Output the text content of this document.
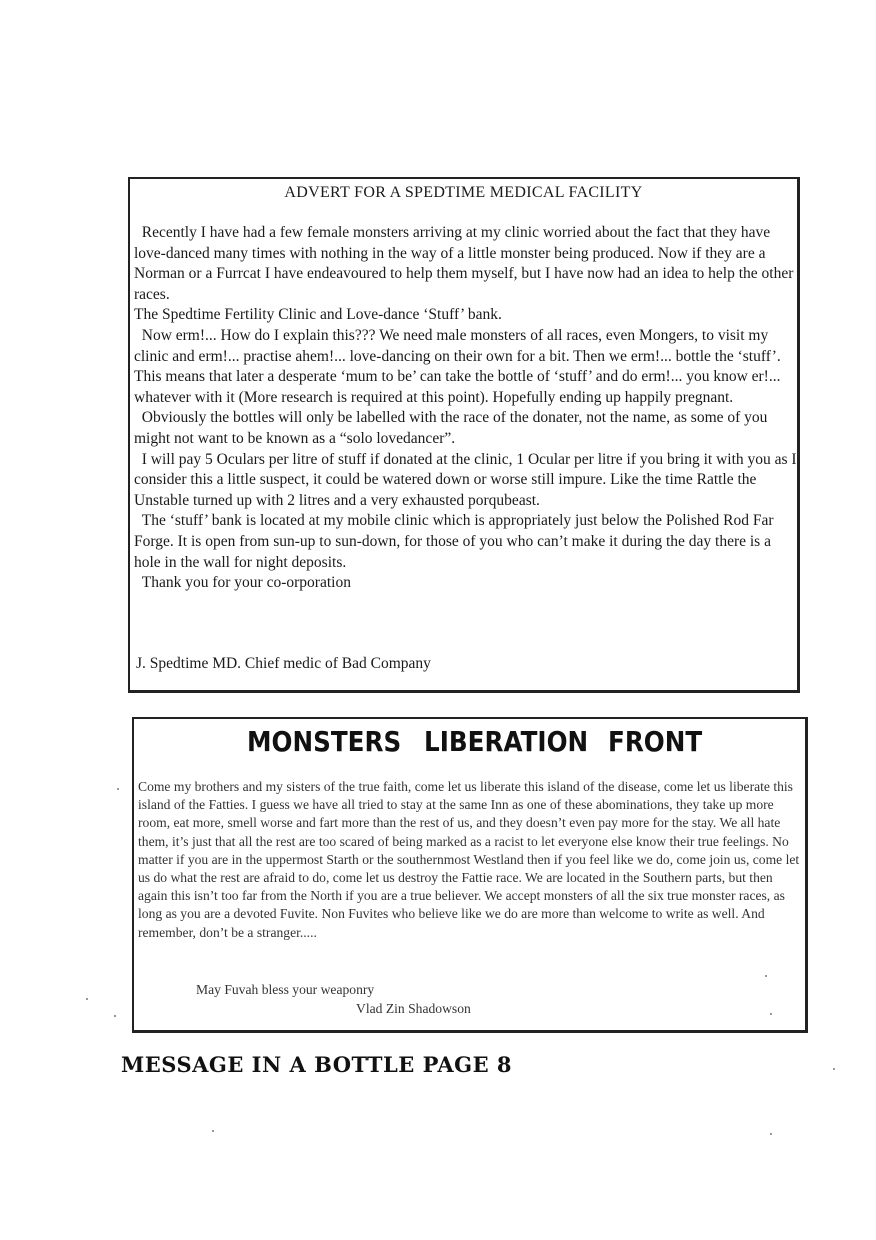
ADVERT FOR A SPEDTIME MEDICAL FACILITY

Recently I have had a few female monsters arriving at my clinic worried about the fact that they have love-danced many times with nothing in the way of a little monster being produced. Now if they are a Norman or a Furrcat I have endeavoured to help them myself, but I have now had an idea to help the other races.

The Spedtime Fertility Clinic and Love-dance ‘Stuff’ bank.

Now erm!... How do I explain this??? We need male monsters of all races, even Mongers, to visit my clinic and erm!... practise ahem!... love-dancing on their own for a bit. Then we erm!... bottle the ‘stuff’. This means that later a desperate ‘mum to be’ can take the bottle of ‘stuff’ and do erm!... you know er!... whatever with it (More research is required at this point). Hopefully ending up happily pregnant.

Obviously the bottles will only be labelled with the race of the donater, not the name, as some of you might not want to be known as a “solo lovedancer”.

I will pay 5 Oculars per litre of stuff if donated at the clinic, 1 Ocular per litre if you bring it with you as I consider this a little suspect, it could be watered down or worse still impure. Like the time Rattle the Unstable turned up with 2 litres and a very exhausted porqubeast.

The ‘stuff’ bank is located at my mobile clinic which is appropriately just below the Polished Rod Far Forge. It is open from sun-up to sun-down, for those of you who can’t make it during the day there is a hole in the wall for night deposits.

Thank you for your co-orporation

J. Spedtime MD. Chief medic of Bad Company
MONSTERS LIBERATION FRONT
Come my brothers and my sisters of the true faith, come let us liberate this island of the disease, come let us liberate this island of the Fatties. I guess we have all tried to stay at the same Inn as one of these abominations, they take up more room, eat more, smell worse and fart more than the rest of us, and they doesn’t even pay more for the stay. We all hate them, it’s just that all the rest are too scared of being marked as a racist to let everyone else know their true feelings. No matter if you are in the uppermost Starth or the southernmost Westland then if you feel like we do, come join us, come let us do what the rest are afraid to do, come let us destroy the Fattie race. We are located in the Southern parts, but then again this isn’t too far from the North if you are a true believer. We accept monsters of all the six true monster races, as long as you are a devoted Fuvite. Non Fuvites who believe like we do are more than welcome to write as well. And remember, don’t be a stranger.....
May Fuvah bless your weaponry
Vlad Zin Shadowson
MESSAGE IN A BOTTLE PAGE 8
